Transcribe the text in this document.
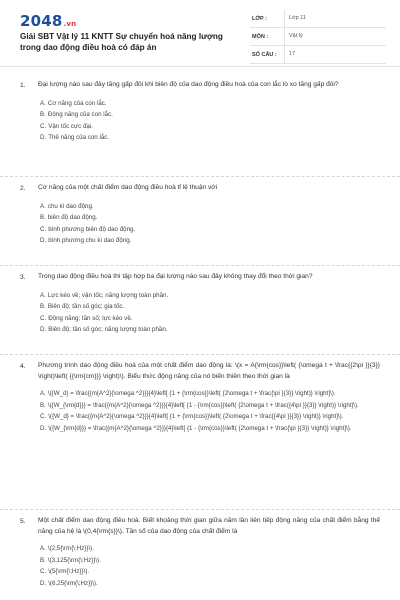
2048.vn
Giải SBT Vật lý 11 KNTT Sự chuyển hoá năng lượng trong dao động điều hoà có đáp án
LỚP :	Lớp 11
MÔN :	Vật lý
SỐ CÂU :	17
1.	Đại lượng nào sau đây tăng gấp đôi khi biên độ của dao động điều hoà của con lắc lò xo tăng gấp đôi?
A. Cơ năng của con lắc.
B. Động năng của con lắc.
C. Vận tốc cực đại.
D. Thế năng của con lắc.
2.	Cơ năng của một chất điểm dao động điều hoà tỉ lệ thuận với
A. chu kì dao động.
B. biên độ dao động.
C. bình phương biên độ dao động.
D. bình phương chu kì dao động.
3.	Trong dao động điều hoà thì tập hợp ba đại lượng nào sau đây không thay đổi theo thời gian?
A. Lực kéo về; vận tốc; năng lượng toàn phần.
B. Biên độ; tần số góc; gia tốc.
C. Động năng; tần số; lực kéo về.
D. Biên độ; tần số góc; năng lượng toàn phần.
4.	Phương trình dao động điều hoà của một chất điểm dao động là: \(x = A{\rm{cos}}\left( {\omega t + \frac{{2\pi }}{3}} \right)\left( {{\rm{cm}}} \right)\). Biểu thức động năng của nó biến thiên theo thời gian là
A. \({W_d} = \frac{{m{A^2}{\omega ^2}}}{4}\left[ {1 + {\rm{cos}}\left( {2\omega t + \frac{\pi }{3}} \right)} \right]\).
B. \({W_{\rm{d}}} = \frac{{m{A^2}{\omega ^2}}}{4}\left[ {1 - {\rm{cos}}\left( {2\omega t + \frac{{4\pi }}{3}} \right)} \right]\).
C. \({W_d} = \frac{{m{A^2}{\omega ^2}}}{4}\left[ {1 + {\rm{cos}}\left( {2\omega t + \frac{{4\pi }}{3}} \right)} \right]\).
D. \({W_{\rm{d}}} = \frac{{m{A^2}{\omega ^2}}}{4}\left[ {1 - {\rm{cos}}\left( {2\omega t + \frac{\pi }{3}} \right)} \right]\).
5.	Một chất điểm dao động điều hoà. Biết khoảng thời gian giữa năm lần liên tiếp động năng của chất điểm bằng thế năng của hệ là \(0,4{\rm{s}}\). Tần số của dao động của chất điểm là
A. \(2,5{\rm{\;Hz}}\).
B. \(3,125{\rm{\;Hz}}\).
C. \(5{\rm{\;Hz}}\).
D. \(6,25{\rm{\;Hz}}\).
